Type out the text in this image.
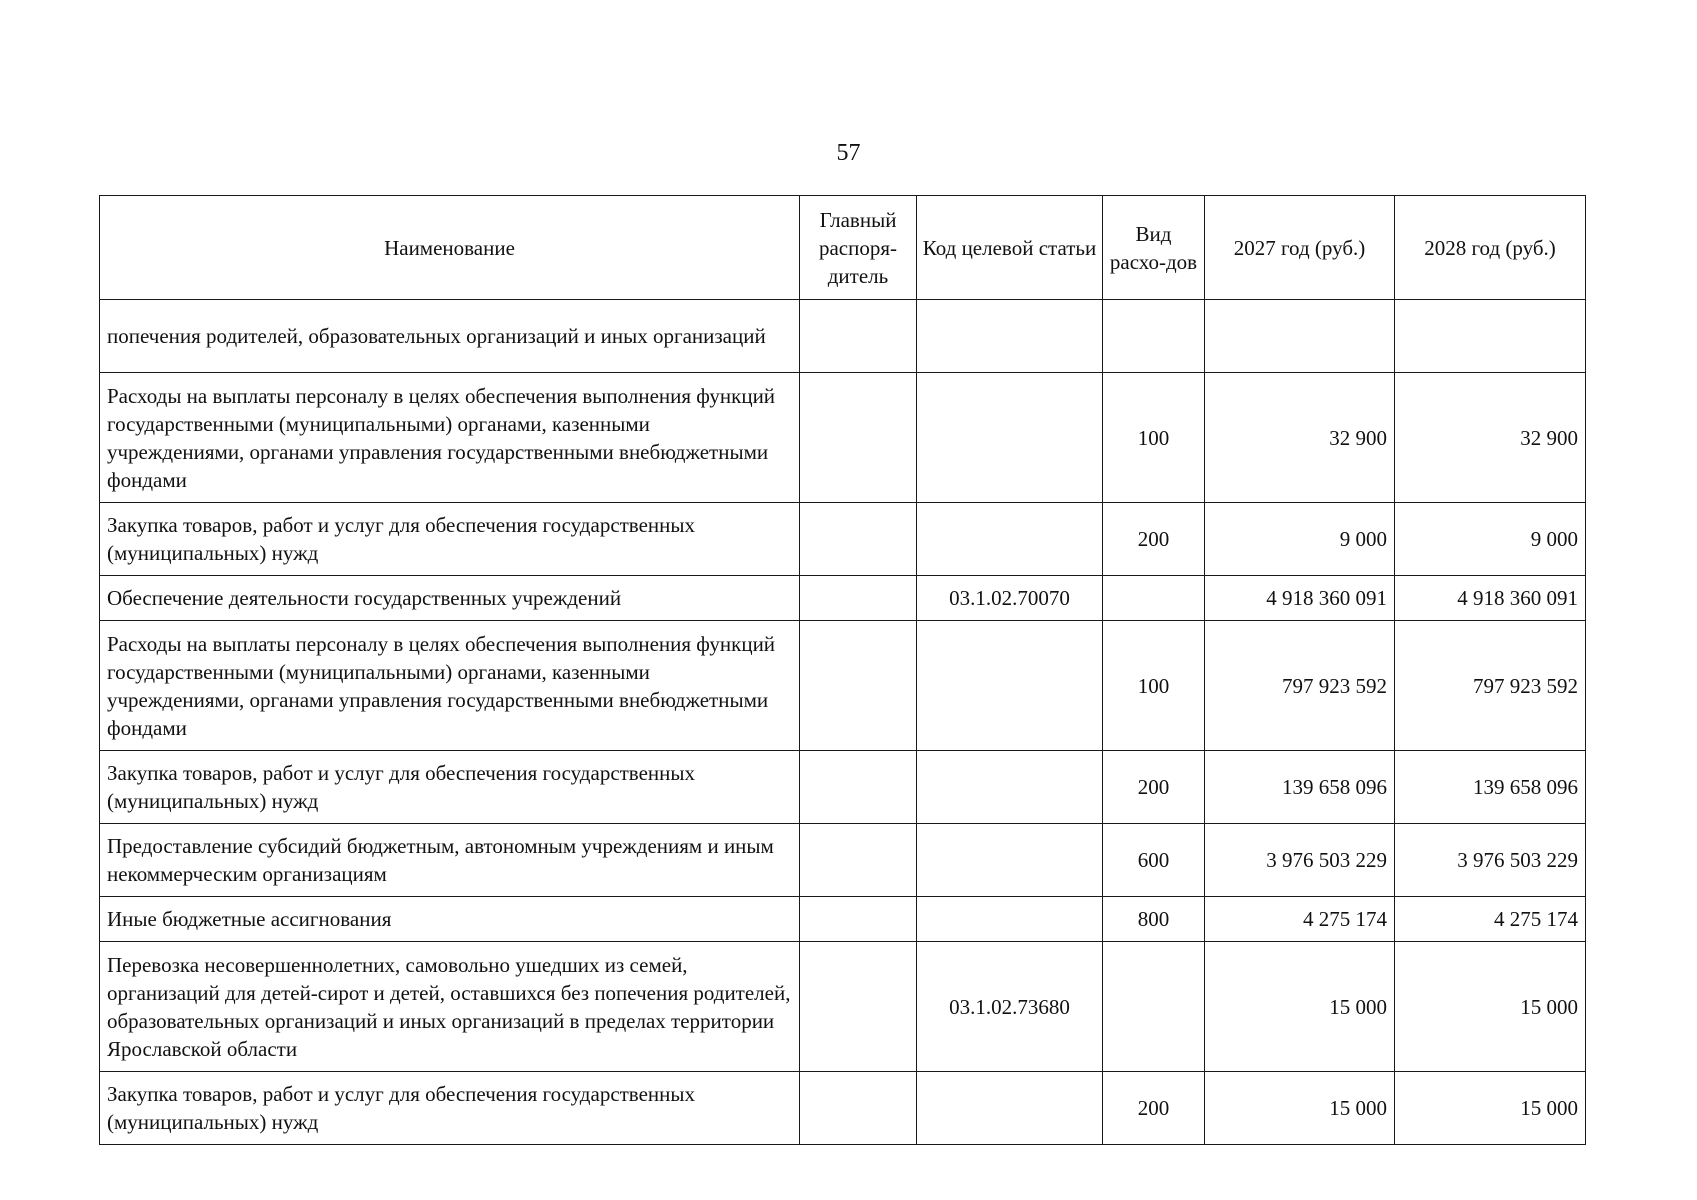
57
Наименование	Главный распоря-дитель	Код целевой статьи	Вид расхо-дов	2027 год (руб.)	2028 год (руб.)
попечения родителей, образовательных организаций и иных организаций					
Расходы на выплаты персоналу в целях обеспечения выполнения функций государственными (муниципальными) органами, казенными учреждениями, органами управления государственными внебюджетными фондами			100	32 900	32 900
Закупка товаров, работ и услуг для обеспечения государственных (муниципальных) нужд			200	9 000	9 000
Обеспечение деятельности государственных учреждений		03.1.02.70070		4 918 360 091	4 918 360 091
Расходы на выплаты персоналу в целях обеспечения выполнения функций государственными (муниципальными) органами, казенными учреждениями, органами управления государственными внебюджетными фондами			100	797 923 592	797 923 592
Закупка товаров, работ и услуг для обеспечения государственных (муниципальных) нужд			200	139 658 096	139 658 096
Предоставление субсидий бюджетным, автономным учреждениям и иным некоммерческим организациям			600	3 976 503 229	3 976 503 229
Иные бюджетные ассигнования			800	4 275 174	4 275 174
Перевозка несовершеннолетних, самовольно ушедших из семей, организаций для детей-сирот и детей, оставшихся без попечения родителей, образовательных организаций и иных организаций в пределах территории Ярославской области		03.1.02.73680		15 000	15 000
Закупка товаров, работ и услуг для обеспечения государственных (муниципальных) нужд			200	15 000	15 000
